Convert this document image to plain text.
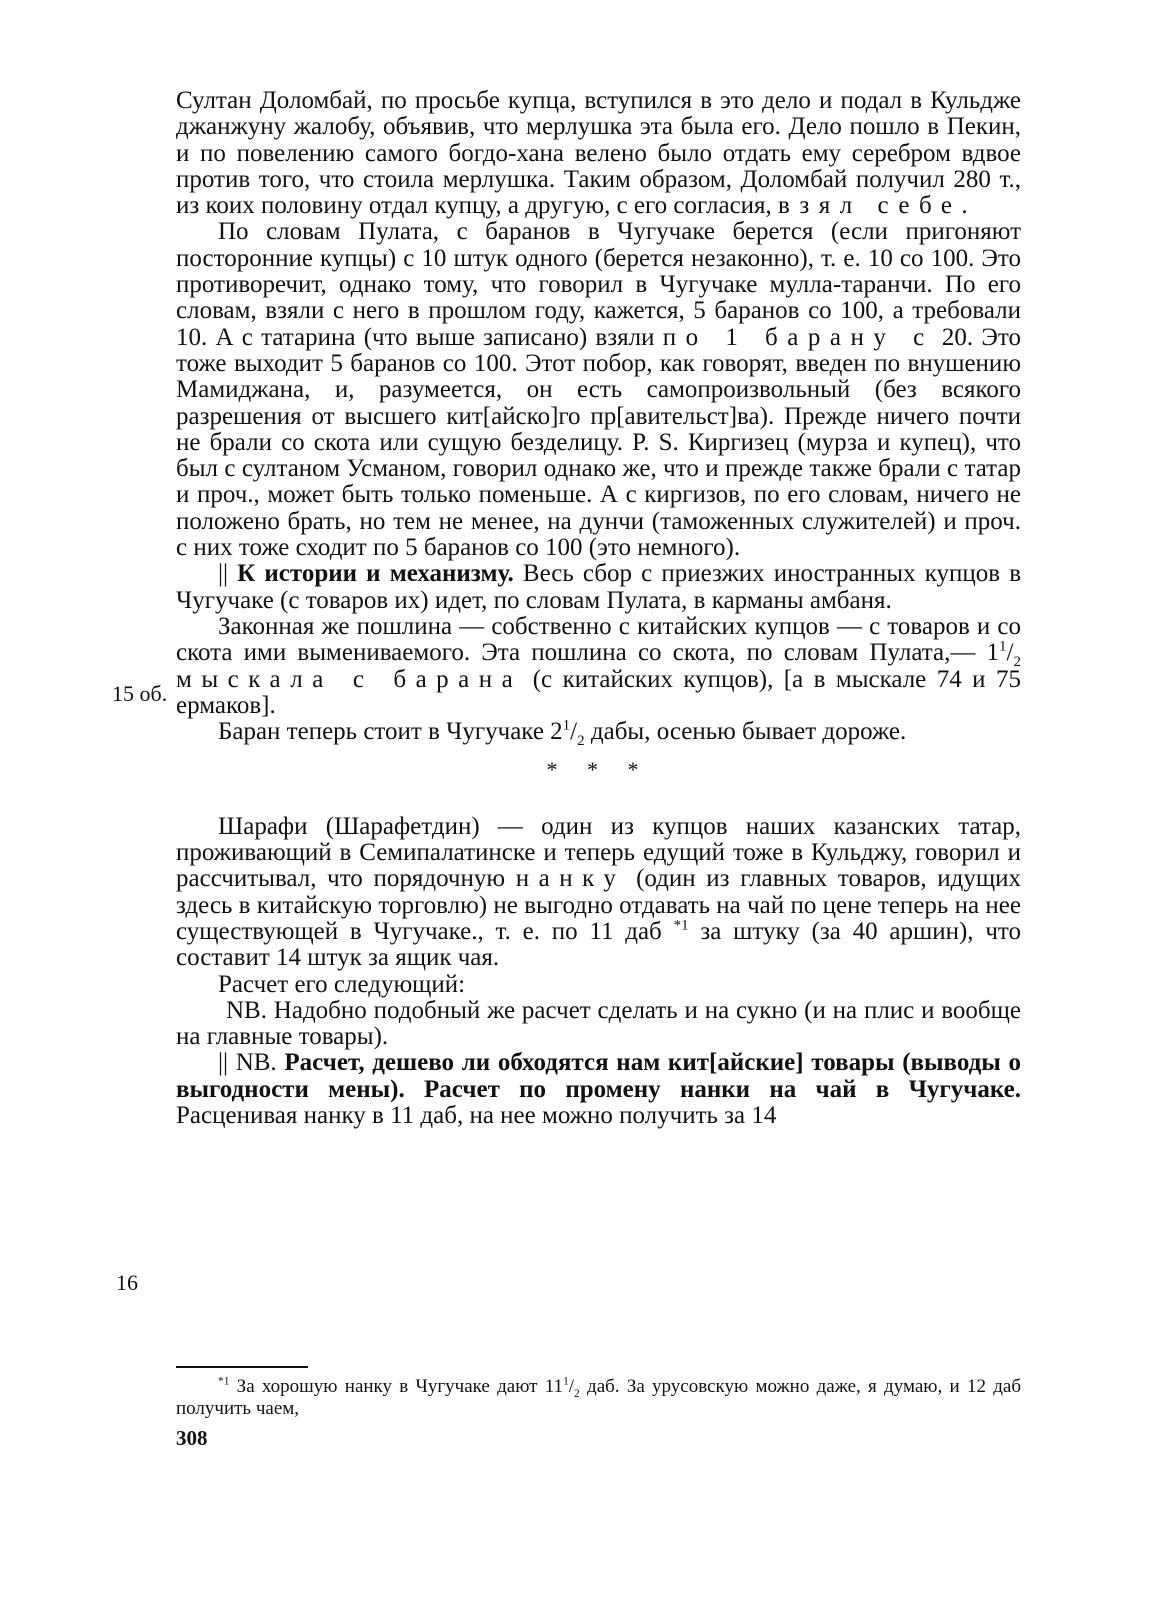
15 об.
16

Султан Доломбай, по просьбе купца, вступился в это дело и подал в Кульдже джанжуну жалобу, объявив, что мерлушка эта была его. Дело пошло в Пекин, и по повелению самого богдо-хана велено было отдать ему серебром вдвое против того, что стоила мерлушка. Таким образом, Доломбай получил 280 т., из коих половину отдал купцу, а другую, с его согласия, взял себе.

По словам Пулата, с баранов в Чугучаке берется (если пригоняют посторонние купцы) с 10 штук одного (берется незаконно), т. е. 10 со 100. Это противоречит, однако тому, что говорил в Чугучаке мулла-таранчи. По его словам, взяли с него в прошлом году, кажется, 5 баранов со 100, а требовали 10. А с татарина (что выше записано) взяли по 1 барану с 20. Это тоже выходит 5 баранов со 100. Этот побор, как говорят, введен по внушению Мамиджана, и, разумеется, он есть самопроизвольный (без всякого разрешения от высшего кит[айско]го пр[авительст]ва). Прежде ничего почти не брали со скота или сущую безделицу. P. S. Киргизец (мурза и купец), что был с султаном Усманом, говорил однако же, что и прежде также брали с татар и проч., может быть только поменьше. А с киргизов, по его словам, ничего не положено брать, но тем не менее, на дунчи (таможенных служителей) и проч. с них тоже сходит по 5 баранов со 100 (это немного).

|| К истории и механизму. Весь сбор с приезжих иностранных купцов в Чугучаке (с товаров их) идет, по словам Пулата, в карманы амбаня.

Законная же пошлина — собственно с китайских купцов — с товаров и со скота ими вымениваемого. Эта пошлина со скота, по словам Пулата,— $1^1/_2$ мыскала с барана (с китайских купцов), [а в мыскале 74 и 75 ермаков].

Баран теперь стоит в Чугучаке $2^1/_2$ дабы, осенью бывает дороже.

* * *

Шарафи (Шарафетдин) — один из купцов наших казанских татар, проживающий в Семипалатинске и теперь едущий тоже в Кульджу, говорил и рассчитывал, что порядочную нанку (один из главных товаров, идущих здесь в китайскую торговлю) не выгодно отдавать на чай по цене теперь на нее существующей в Чугучаке., т. е. по 11 даб $^{*1}$ за штуку (за 40 аршин), что составит 14 штук за ящик чая.

Расчет его следующий:

NB. Надобно подобный же расчет сделать и на сукно (и на плис и вообще на главные товары).

|| NB. Расчет, дешево ли обходятся нам кит[айские] товары (выводы о выгодности мены). Расчет по промену нанки на чай в Чугучаке. Расценивая нанку в 11 даб, на нее можно получить за 14

$^{*1}$ За хорошую нанку в Чугучаке дают $11^1/_2$ даб. За урусовскую можно даже, я думаю, и 12 даб получить чаем,
308
